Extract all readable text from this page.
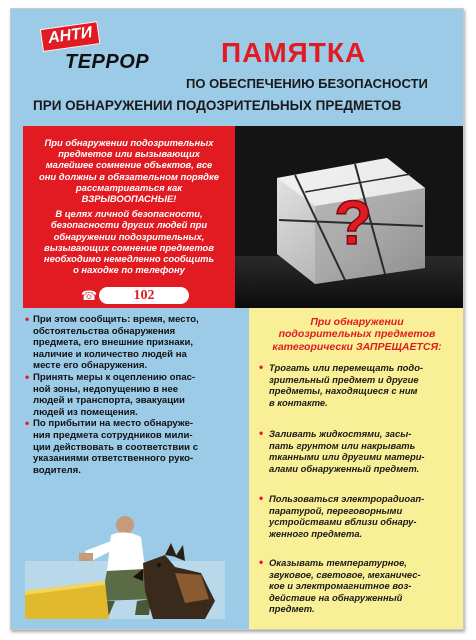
АНТИ
ТЕРРОР	ПАМЯТКА
ПО ОБЕСПЕЧЕНИЮ БЕЗОПАСНОСТИ
ПРИ ОБНАРУЖЕНИИ ПОДОЗРИТЕЛЬНЫХ ПРЕДМЕТОВ
При обнаружении подозрительных
предметов или вызывающих
малейшее сомнение объектов, все
они должны в обязательном порядке
рассматриваться как
ВЗРЫВООПАСНЫЕ!
В целях личной безопасности,
безопасности других людей при
обнаружении подозрительных,
вызывающих сомнение предметов
необходимо немедленно сообщить
о находке по телефону
☎	102
?
• При этом сообщить: время, место,
обстоятельства обнаружения
предмета, его внешние признаки,
наличие и количество людей на
месте его обнаружения.
• Принять меры к оцеплению опас-
ной зоны, недопущению в нее
людей и транспорта, эвакуации
людей из помещения.
• По прибытии на место обнаруже-
ния предмета сотрудников мили-
ции действовать в соответствии с
указаниями ответственного руко-
водителя.
При обнаружении
подозрительных предметов
категорически ЗАПРЕЩАЕТСЯ:
• Трогать или перемещать подо-
зрительный предмет и другие
предметы, находящиеся с ним
в контакте.
• Заливать жидкостями, засы-
пать грунтом или накрывать
тканными или другими матери-
алами обнаруженный предмет.
• Пользоваться электрорадиоап-
паратурой, переговорными
устройствами вблизи обнару-
женного предмета.
• Оказывать температурное,
звуковое, световое, механичес-
кое и электромагнитное воз-
действие на обнаруженный
предмет.
